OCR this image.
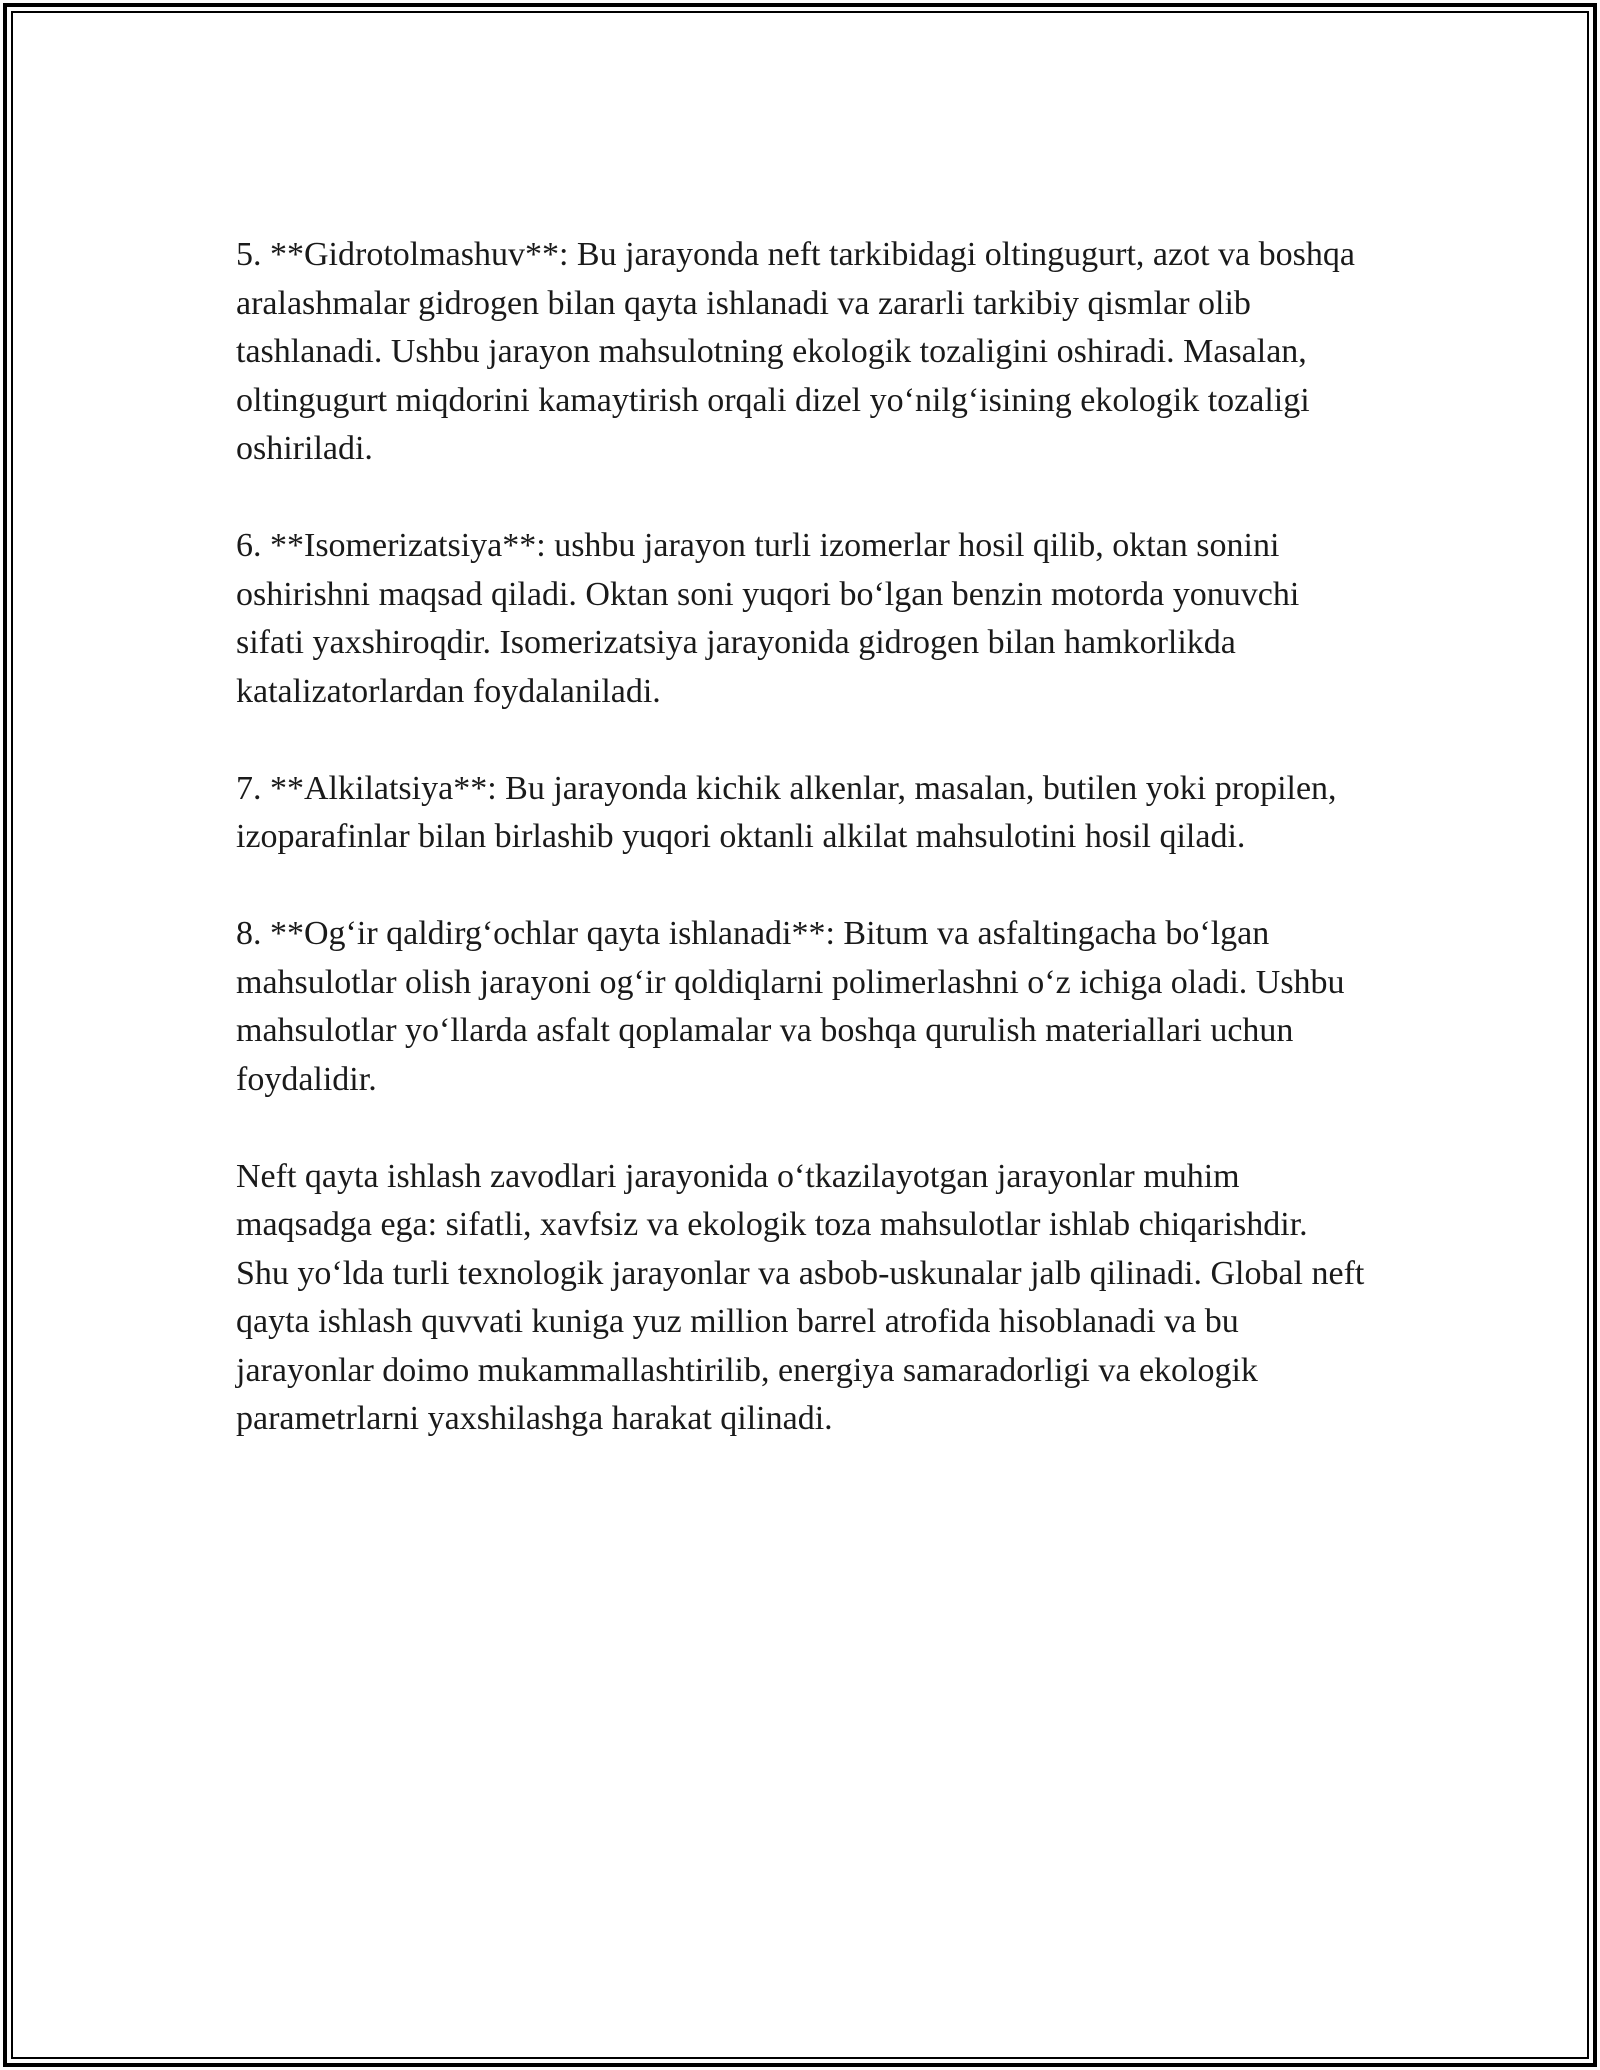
5. **Gidrotolmashuv**: Bu jarayonda neft tarkibidagi oltingugurt, azot va boshqa aralashmalar gidrogen bilan qayta ishlanadi va zararli tarkibiy qismlar olib tashlanadi. Ushbu jarayon mahsulotning ekologik tozaligini oshiradi. Masalan, oltingugurt miqdorini kamaytirish orqali dizel yo‘nilg‘isining ekologik tozaligi oshiriladi.

6. **Isomerizatsiya**: ushbu jarayon turli izomerlar hosil qilib, oktan sonini oshirishni maqsad qiladi. Oktan soni yuqori bo‘lgan benzin motorda yonuvchi sifati yaxshiroqdir. Isomerizatsiya jarayonida gidrogen bilan hamkorlikda katalizatorlardan foydalaniladi.

7. **Alkilatsiya**: Bu jarayonda kichik alkenlar, masalan, butilen yoki propilen, izoparafinlar bilan birlashib yuqori oktanli alkilat mahsulotini hosil qiladi.

8. **Og‘ir qaldirg‘ochlar qayta ishlanadi**: Bitum va asfaltingacha bo‘lgan mahsulotlar olish jarayoni og‘ir qoldiqlarni polimerlashni o‘z ichiga oladi. Ushbu mahsulotlar yo‘llarda asfalt qoplamalar va boshqa qurulish materiallari uchun foydalidir.

Neft qayta ishlash zavodlari jarayonida o‘tkazilayotgan jarayonlar muhim maqsadga ega: sifatli, xavfsiz va ekologik toza mahsulotlar ishlab chiqarishdir. Shu yo‘lda turli texnologik jarayonlar va asbob-uskunalar jalb qilinadi. Global neft qayta ishlash quvvati kuniga yuz million barrel atrofida hisoblanadi va bu jarayonlar doimo mukammallashtirilib, energiya samaradorligi va ekologik parametrlarni yaxshilashga harakat qilinadi.
